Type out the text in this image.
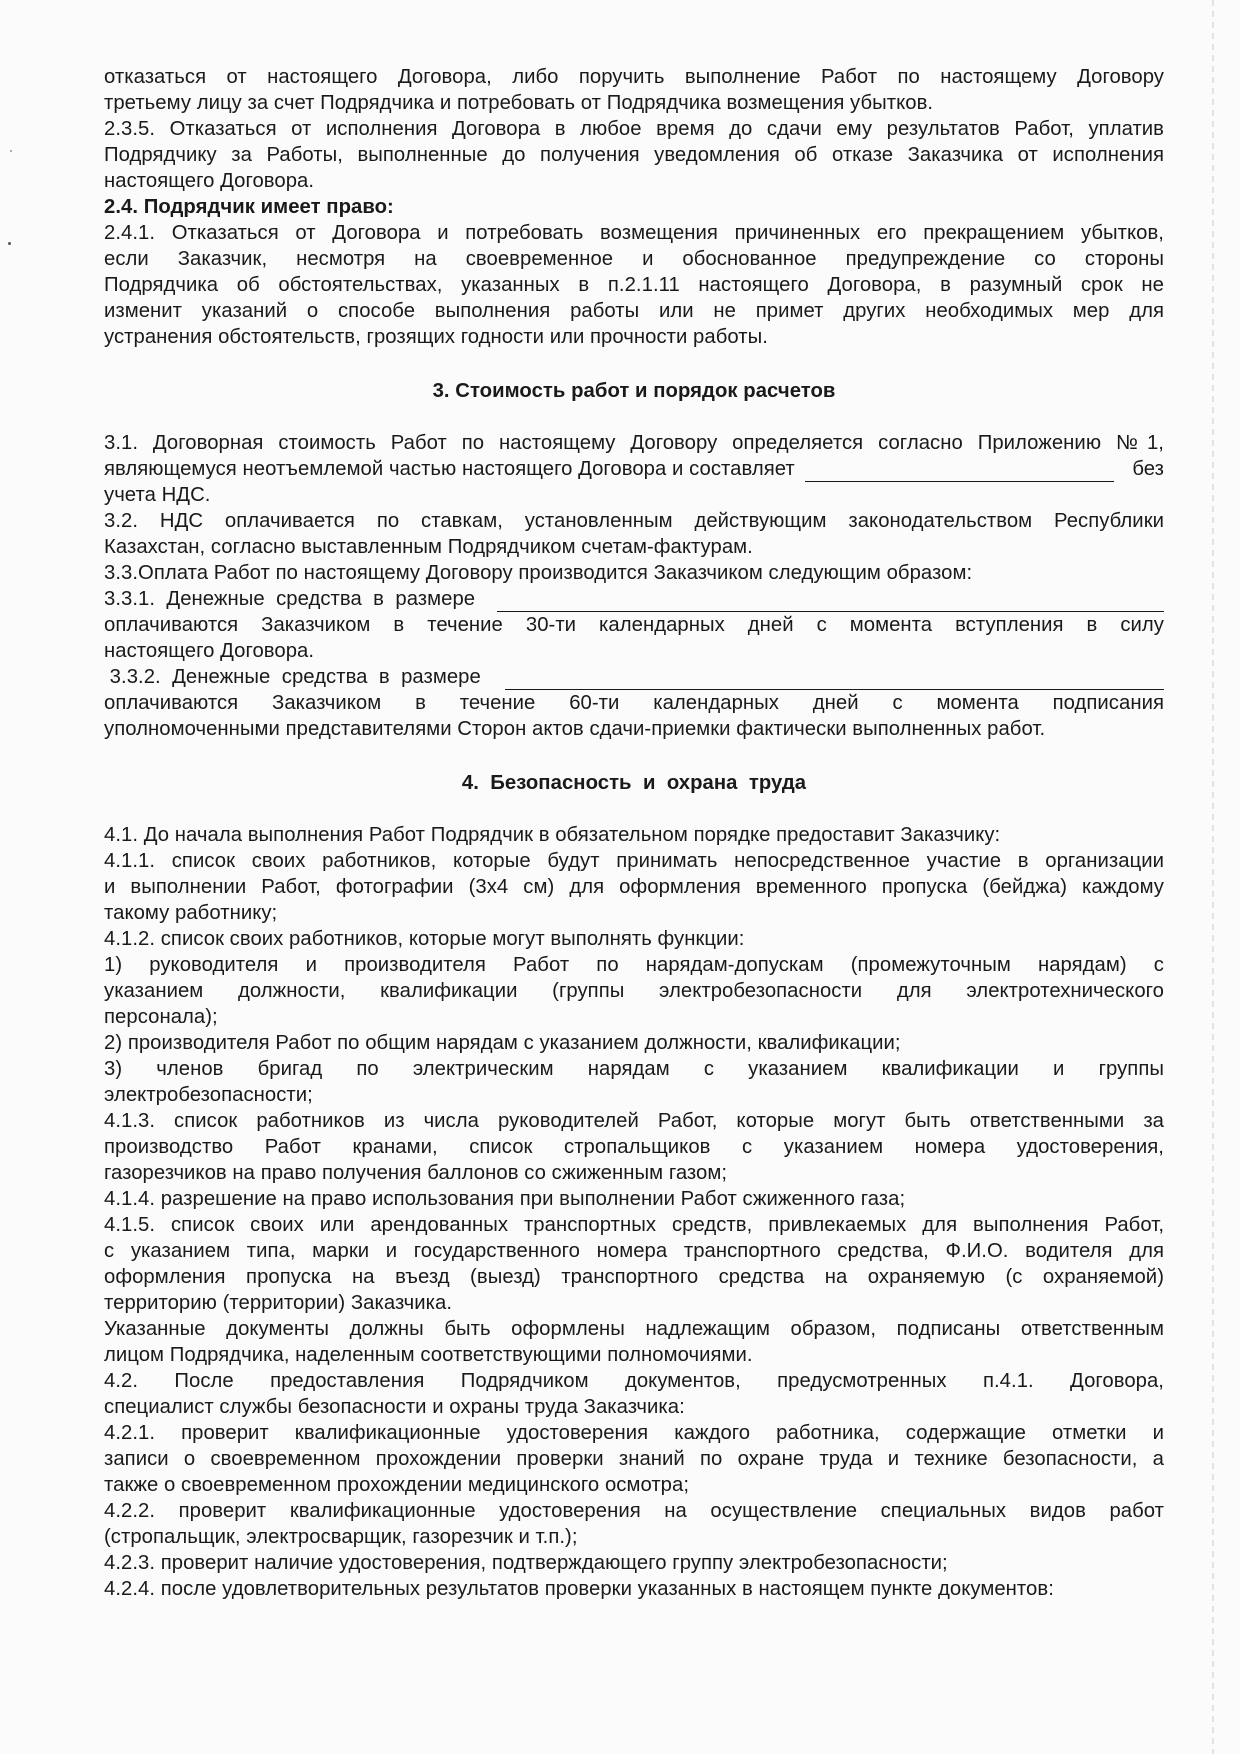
отказаться от настоящего Договора, либо поручить выполнение Работ по настоящему Договору

третьему лицу за счет Подрядчика и потребовать от Подрядчика возмещения убытков.

2.3.5. Отказаться от исполнения Договора в любое время до сдачи ему результатов Работ, уплатив

Подрядчику за Работы, выполненные до получения уведомления об отказе Заказчика от исполнения

настоящего Договора.

2.4. Подрядчик имеет право:

2.4.1. Отказаться от Договора и потребовать возмещения причиненных его прекращением убытков,

если Заказчик, несмотря на своевременное и обоснованное предупреждение со стороны

Подрядчика об обстоятельствах, указанных в п.2.1.11 настоящего Договора, в разумный срок не

изменит указаний о способе выполнения работы или не примет других необходимых мер для

устранения обстоятельств, грозящих годности или прочности работы.

3. Стоимость работ и порядок расчетов

3.1. Договорная стоимость Работ по настоящему Договору определяется согласно Приложению №1,

являющемуся неотъемлемой частью настоящего Договора и составляет	без

учета НДС.

3.2. НДС оплачивается по ставкам, установленным действующим законодательством Республики

Казахстан, согласно выставленным Подрядчиком счетам-фактурам.

3.3.Оплата Работ по настоящему Договору производится Заказчиком следующим образом:

3.3.1.  Денежные  средства  в  размере

оплачиваются Заказчиком в течение 30-ти календарных дней с момента вступления в силу

настоящего Договора.

3.3.2.  Денежные  средства  в  размере

оплачиваются Заказчиком в течение 60-ти календарных дней с момента подписания

уполномоченными представителями Сторон актов сдачи-приемки фактически выполненных работ.

4.  Безопасность  и  охрана  труда

4.1. До начала выполнения Работ Подрядчик в обязательном порядке предоставит Заказчику:

4.1.1. список своих работников, которые будут принимать непосредственное участие в организации

и выполнении Работ, фотографии (3х4 см) для оформления временного пропуска (бейджа) каждому

такому работнику;

4.1.2. список своих работников, которые могут выполнять функции:

1) руководителя и производителя Работ по нарядам-допускам (промежуточным нарядам) с

указанием должности, квалификации (группы электробезопасности для электротехнического

персонала);

2) производителя Работ по общим нарядам с указанием должности, квалификации;

3) членов бригад по электрическим нарядам с указанием квалификации и группы

электробезопасности;

4.1.3. список работников из числа руководителей Работ, которые могут быть ответственными за

производство Работ кранами, список стропальщиков с указанием номера удостоверения,

газорезчиков на право получения баллонов со сжиженным газом;

4.1.4. разрешение на право использования при выполнении Работ сжиженного газа;

4.1.5. список своих или арендованных транспортных средств, привлекаемых для выполнения Работ,

с указанием типа, марки и государственного номера транспортного средства, Ф.И.О. водителя для

оформления пропуска на въезд (выезд) транспортного средства на охраняемую (с охраняемой)

территорию (территории) Заказчика.

Указанные документы должны быть оформлены надлежащим образом, подписаны ответственным

лицом Подрядчика, наделенным соответствующими полномочиями.

4.2. После предоставления Подрядчиком документов, предусмотренных п.4.1. Договора,

специалист службы безопасности и охраны труда Заказчика:

4.2.1. проверит квалификационные удостоверения каждого работника, содержащие отметки и

записи о своевременном прохождении проверки знаний по охране труда и технике безопасности, а

также о своевременном прохождении медицинского осмотра;

4.2.2. проверит квалификационные удостоверения на осуществление специальных видов работ

(стропальщик, электросварщик, газорезчик и т.п.);

4.2.3. проверит наличие удостоверения, подтверждающего группу электробезопасности;

4.2.4. после удовлетворительных результатов проверки указанных в настоящем пункте документов:
